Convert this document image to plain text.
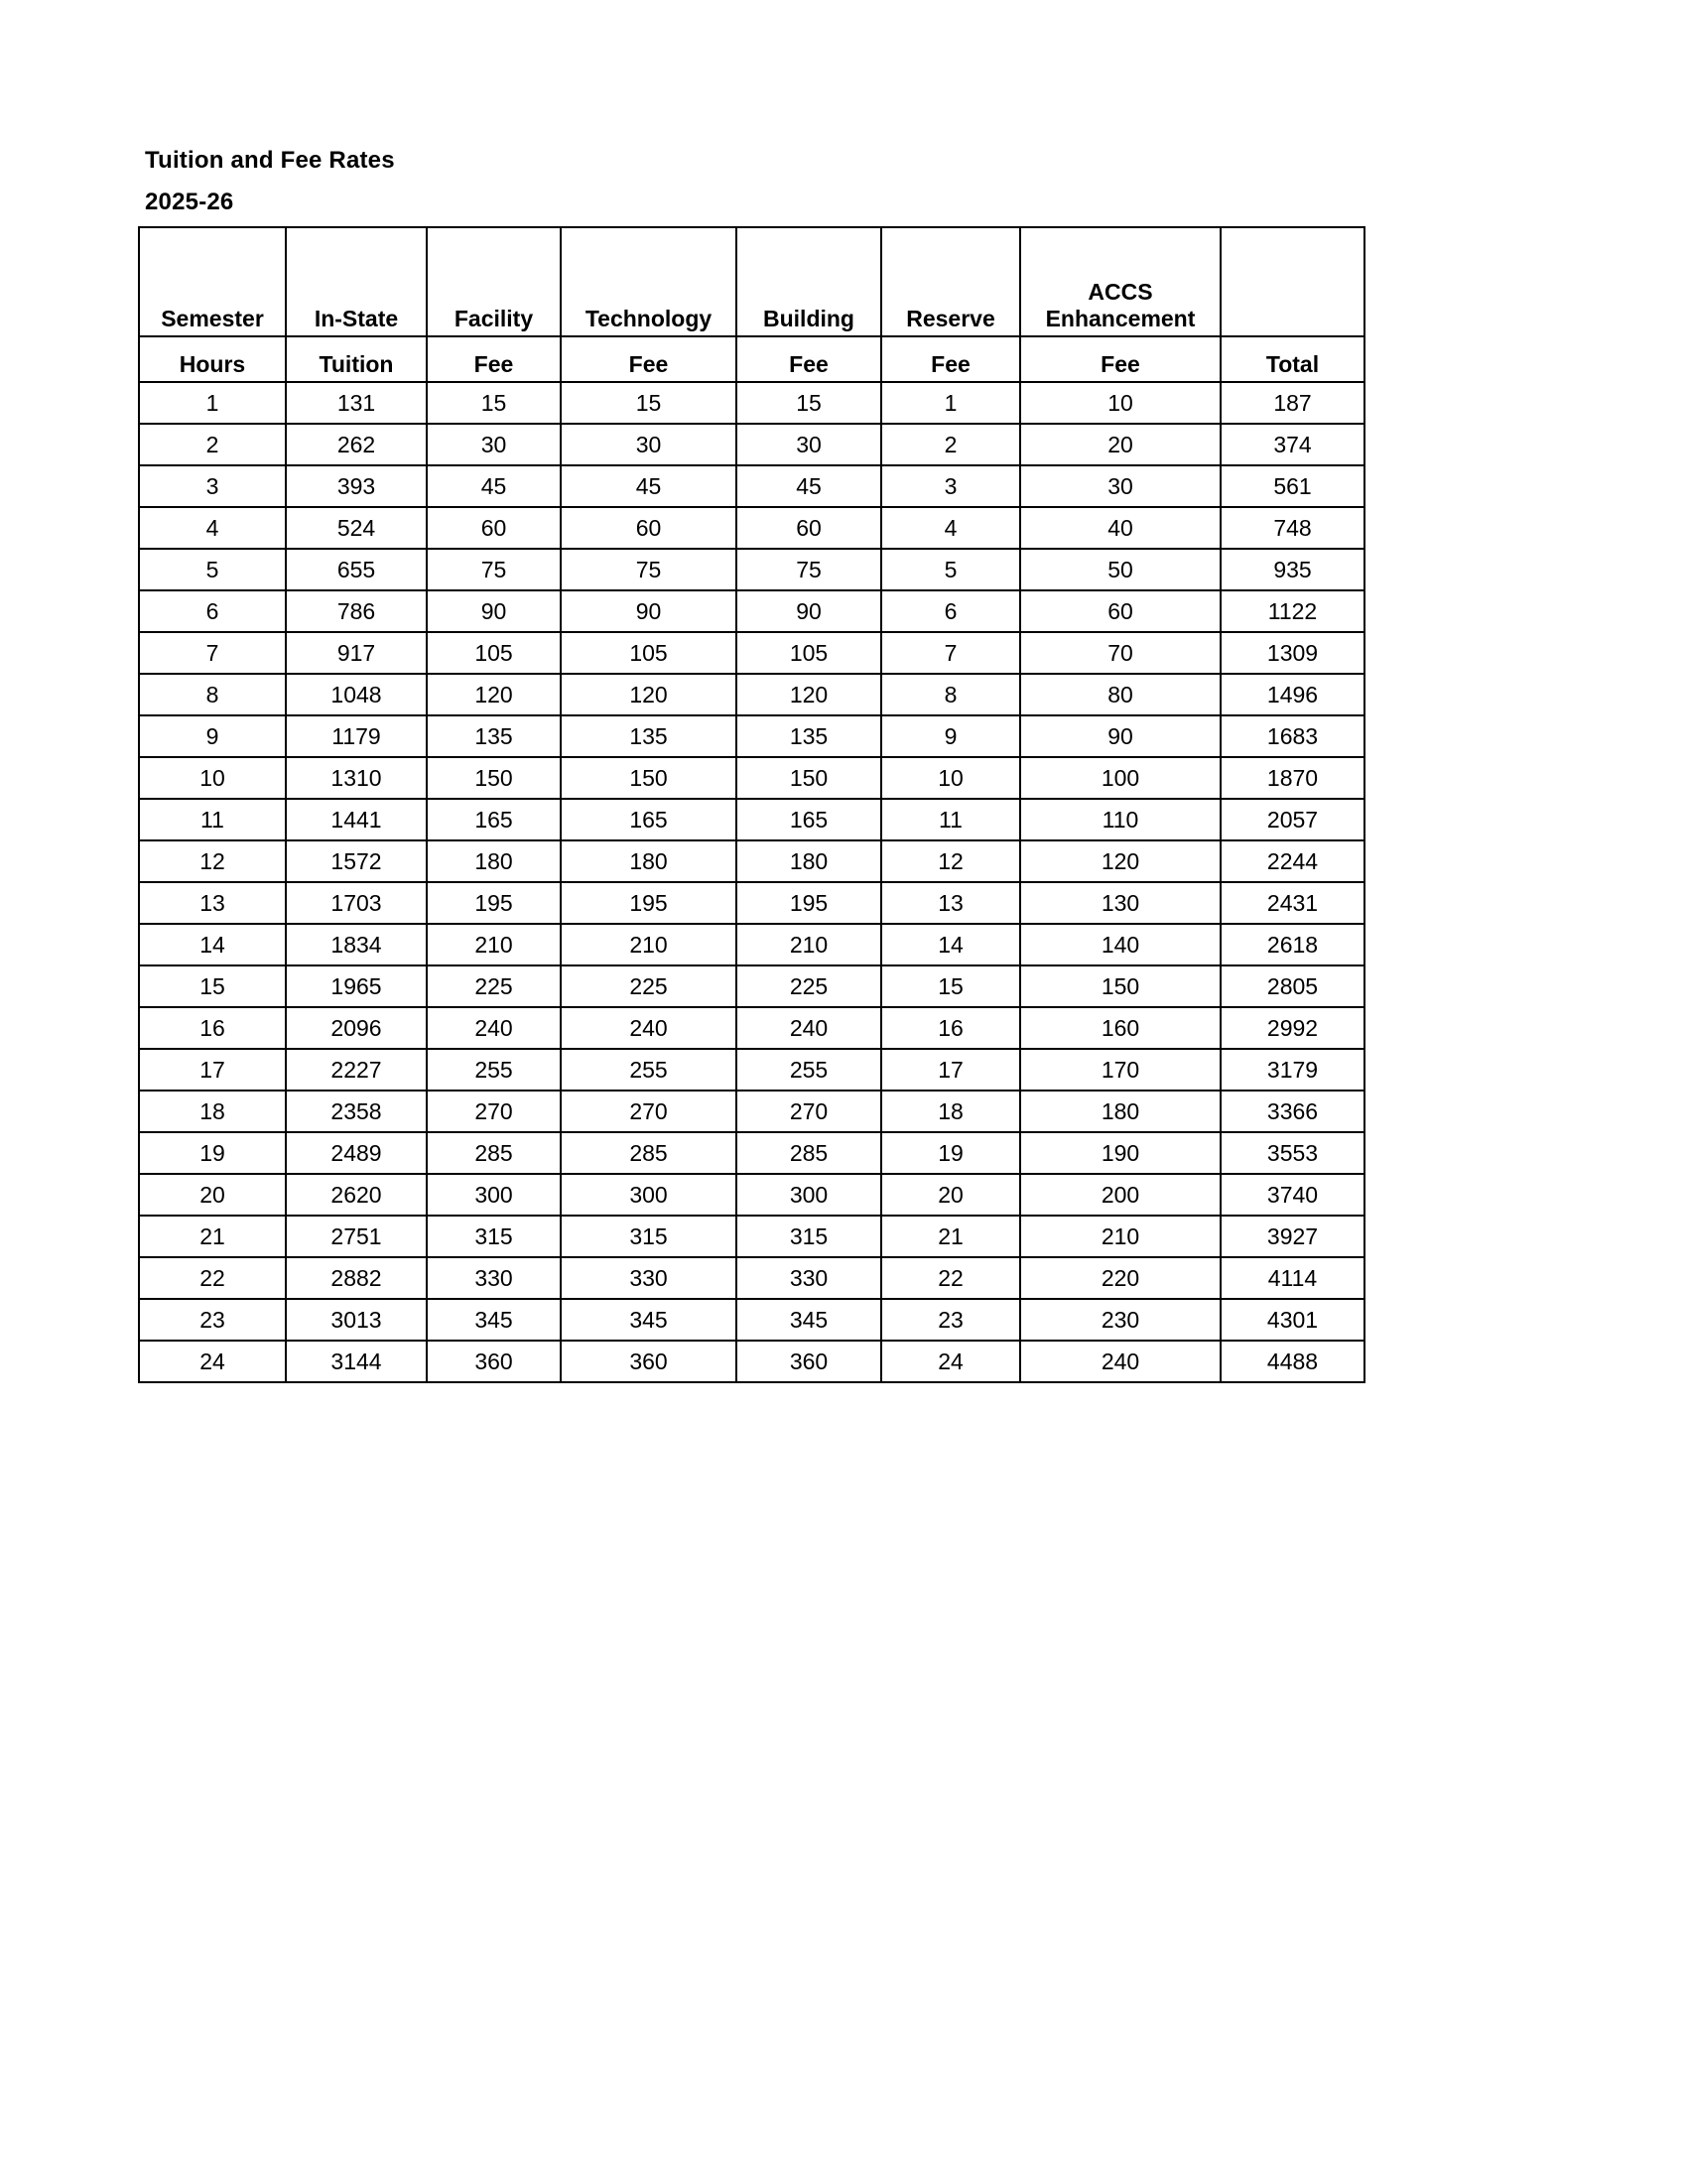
Tuition and Fee Rates
2025-26
Semester	In-State	Facility	Technology	Building	Reserve	ACCS
Enhancement	

Hours	Tuition	Fee	Fee	Fee	Fee	Fee	Total
1	131	15	15	15	1	10	187
2	262	30	30	30	2	20	374
3	393	45	45	45	3	30	561
4	524	60	60	60	4	40	748
5	655	75	75	75	5	50	935
6	786	90	90	90	6	60	1122
7	917	105	105	105	7	70	1309
8	1048	120	120	120	8	80	1496
9	1179	135	135	135	9	90	1683
10	1310	150	150	150	10	100	1870
11	1441	165	165	165	11	110	2057
12	1572	180	180	180	12	120	2244
13	1703	195	195	195	13	130	2431
14	1834	210	210	210	14	140	2618
15	1965	225	225	225	15	150	2805
16	2096	240	240	240	16	160	2992
17	2227	255	255	255	17	170	3179
18	2358	270	270	270	18	180	3366
19	2489	285	285	285	19	190	3553
20	2620	300	300	300	20	200	3740
21	2751	315	315	315	21	210	3927
22	2882	330	330	330	22	220	4114
23	3013	345	345	345	23	230	4301
24	3144	360	360	360	24	240	4488
